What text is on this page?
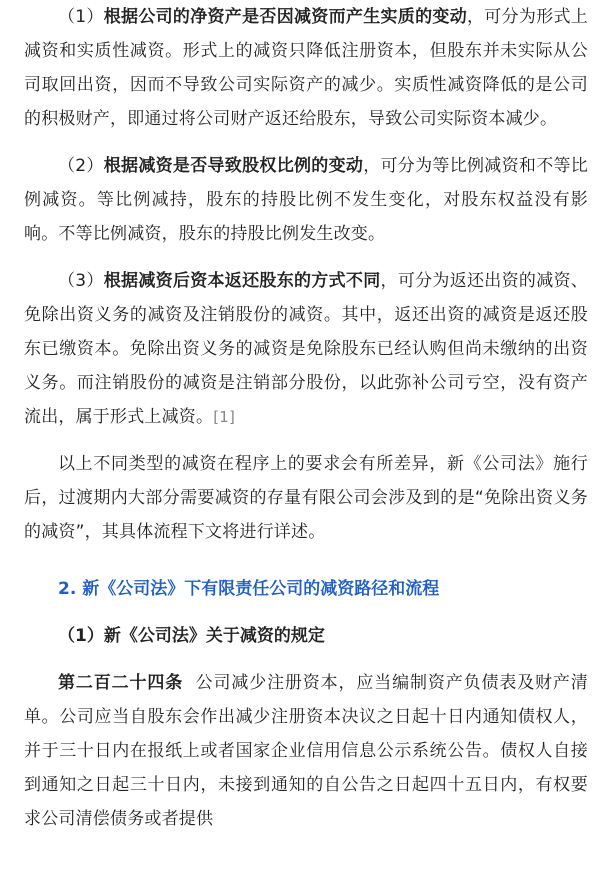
（1）根据公司的净资产是否因减资而产生实质的变动，可分为形式上减资和实质性减资。形式上的减资只降低注册资本，但股东并未实际从公司取回出资，因而不导致公司实际资产的减少。实质性减资降低的是公司的积极财产，即通过将公司财产返还给股东，导致公司实际资本减少。

（2）根据减资是否导致股权比例的变动，可分为等比例减资和不等比例减资。等比例减持，股东的持股比例不发生变化，对股东权益没有影响。不等比例减资，股东的持股比例发生改变。

（3）根据减资后资本返还股东的方式不同，可分为返还出资的减资、免除出资义务的减资及注销股份的减资。其中，返还出资的减资是返还股东已缴资本。免除出资义务的减资是免除股东已经认购但尚未缴纳的出资义务。而注销股份的减资是注销部分股份，以此弥补公司亏空，没有资产流出，属于形式上减资。[1]

以上不同类型的减资在程序上的要求会有所差异，新《公司法》施行后，过渡期内大部分需要减资的存量有限公司会涉及到的是“免除出资义务的减资”，其具体流程下文将进行详述。

2. 新《公司法》下有限责任公司的减资路径和流程
（1）新《公司法》关于减资的规定

第二百二十四条 公司减少注册资本，应当编制资产负债表及财产清单。公司应当自股东会作出减少注册资本决议之日起十日内通知债权人，并于三十日内在报纸上或者国家企业信用信息公示系统公告。债权人自接到通知之日起三十日内，未接到通知的自公告之日起四十五日内，有权要求公司清偿债务或者提供
